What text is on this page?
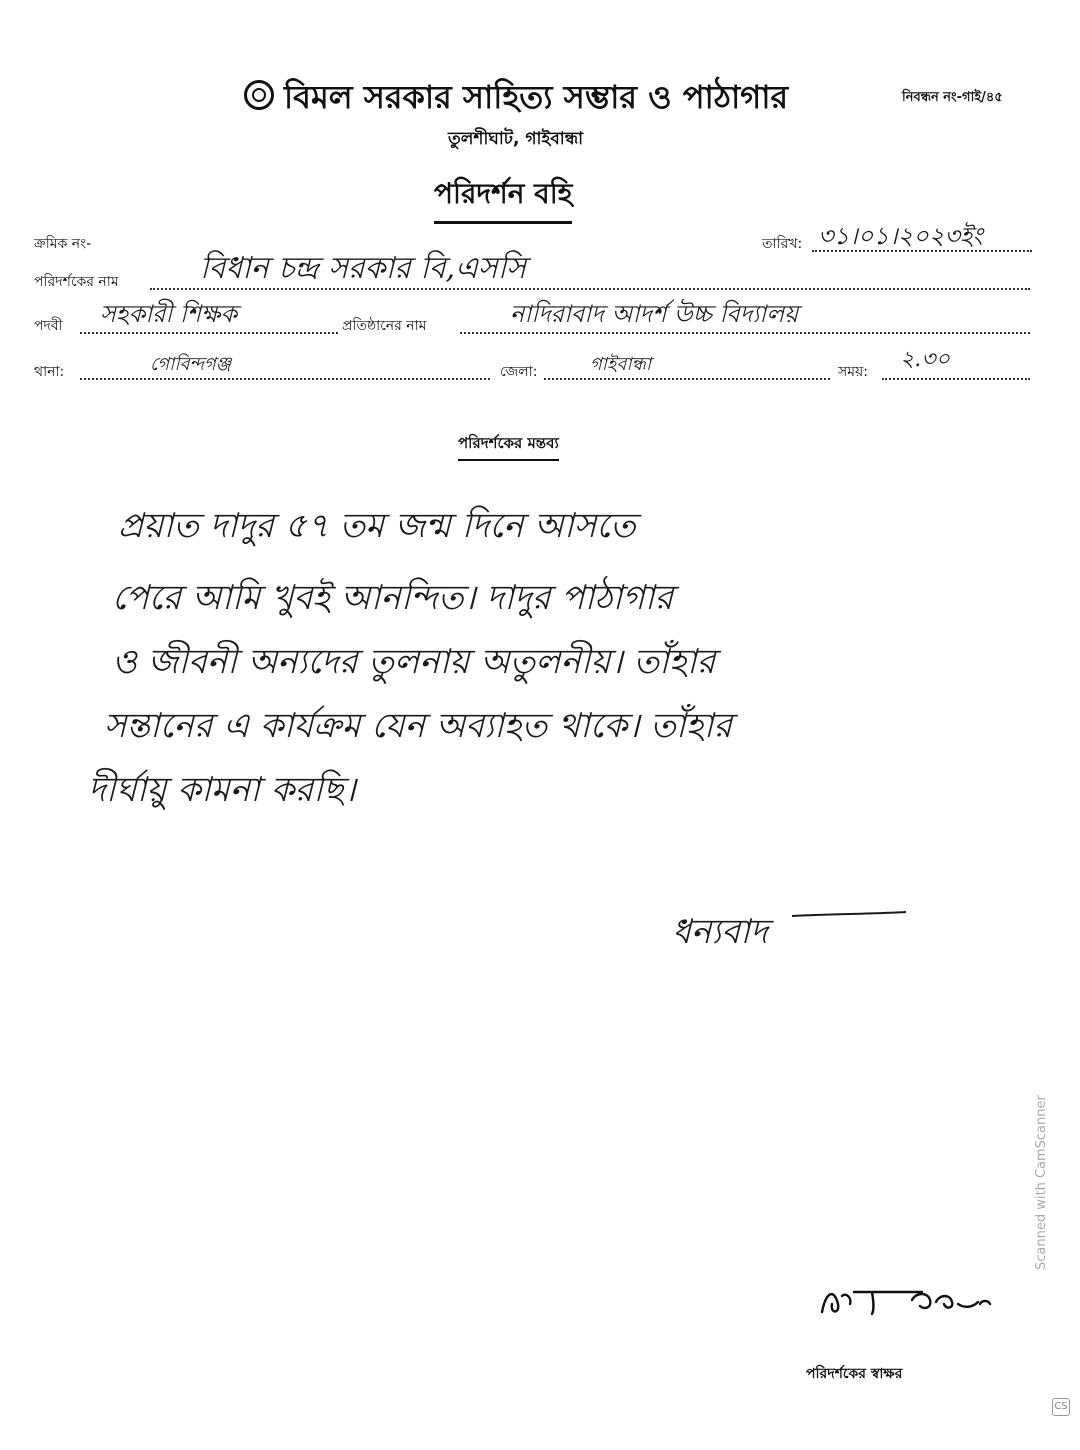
বিমল সরকার সাহিত্য সম্ভার ও পাঠাগার	নিবন্ধন নং-গাই/৪৫
তুলশীঘাট, গাইবান্ধা
পরিদর্শন বহি
ক্রমিক নং-	তারিখ: ৩১।০১।২০২৩ইং
পরিদর্শকের নাম	বিধান চন্দ্র সরকার বি,এসসি
পদবী সহকারী শিক্ষক	প্রতিষ্ঠানের নাম	নাদিরাবাদ আদর্শ উচ্চ বিদ্যালয়
থানা:	গোবিন্দগঞ্জ	জেলা:	গাইবান্ধা	সময়: ২.৩০
পরিদর্শকের মন্তব্য
প্রয়াত দাদুর ৫৭ তম জন্ম দিনে আসতে
পেরে আমি খুবই আনন্দিত। দাদুর পাঠাগার
ও জীবনী অন্যদের তুলনায় অতুলনীয়। তাঁহার
সন্তানের এ কার্যক্রম যেন অব্যাহত থাকে। তাঁহার
দীর্ঘায়ু কামনা করছি।
ধন্যবাদ
পরিদর্শকের স্বাক্ষর
Scanned with CamScanner
CS
